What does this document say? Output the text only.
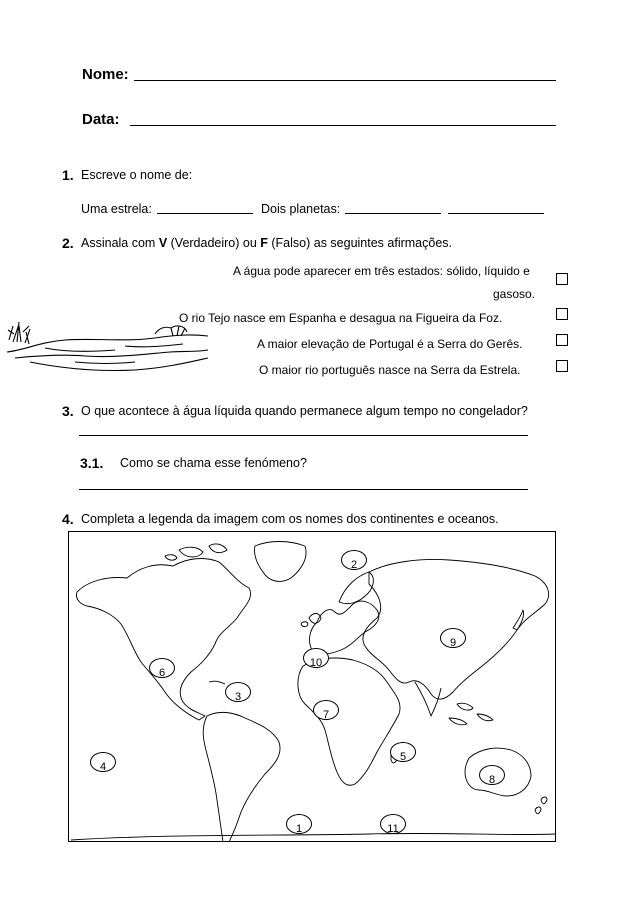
Nome:
Data:
1. Escreve o nome de:
Uma estrela:	Dois planetas:
2. Assinala com V (Verdadeiro) ou F (Falso) as seguintes afirmações.
A água pode aparecer em três estados: sólido, líquido e
gasoso.
O rio Tejo nasce em Espanha e desagua na Figueira da Foz.
A maior elevação de Portugal é a Serra do Gerês.
O maior rio português nasce na Serra da Estrela.
3. O que acontece à água líquida quando permanece algum tempo no congelador?
3.1. Como se chama esse fenómeno?
4. Completa a legenda da imagem com os nomes dos continentes e oceanos.
1
2
3
4
5
6
7
8
9
10
11
